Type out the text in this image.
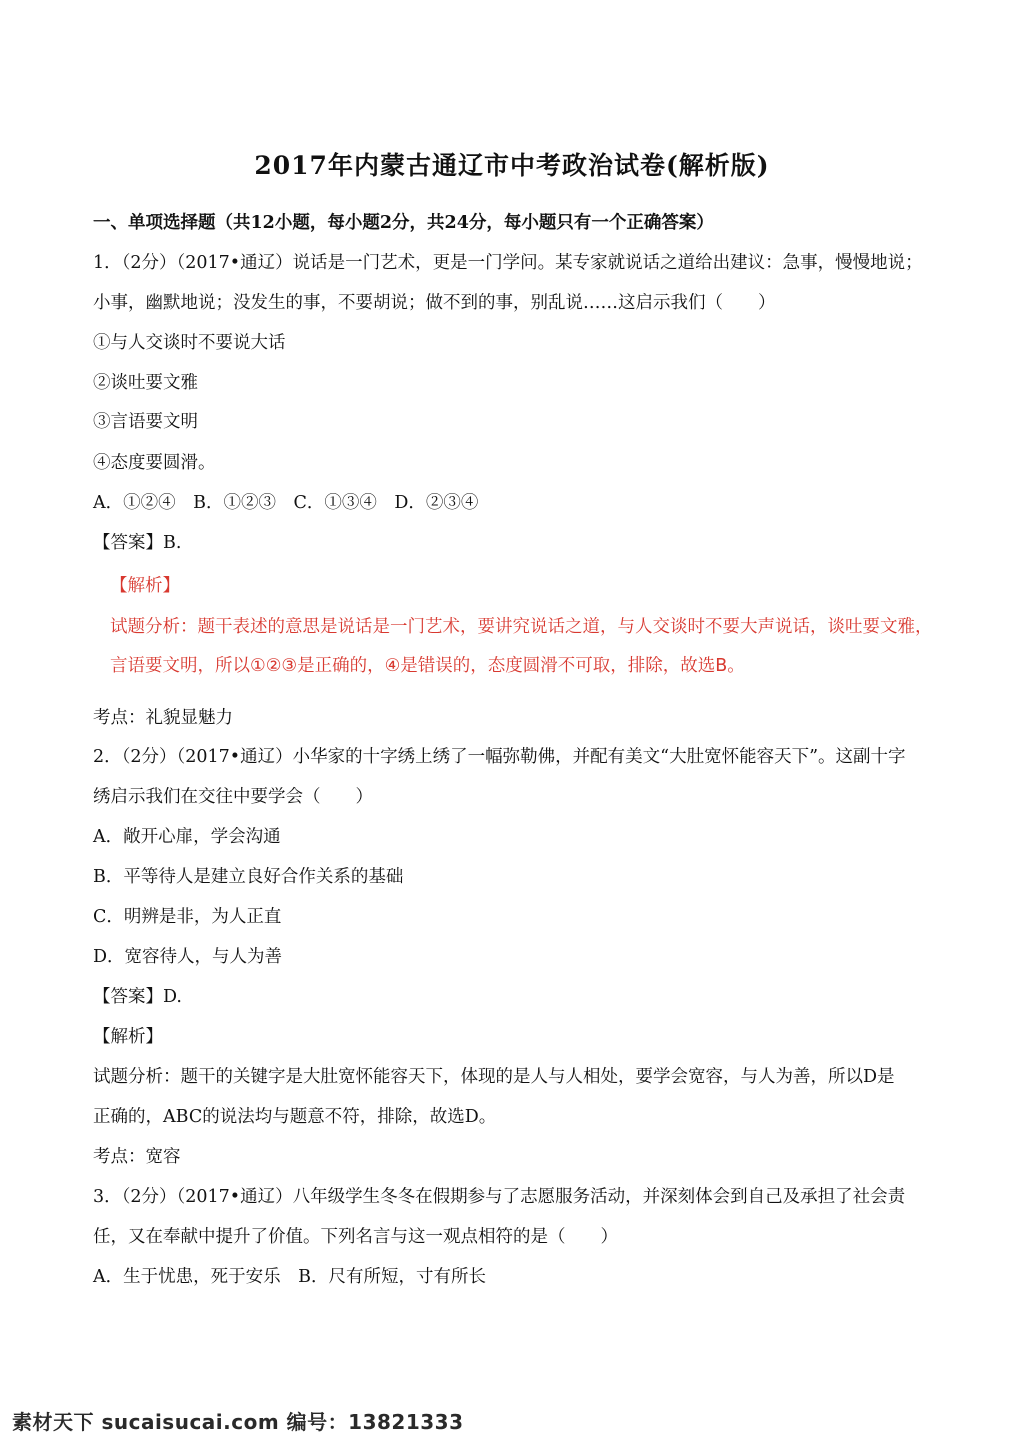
2017年内蒙古通辽市中考政治试卷(解析版)
一、单项选择题（共12小题，每小题2分，共24分，每小题只有一个正确答案）
1．（2分）（2017•通辽）说话是一门艺术，更是一门学问。某专家就说话之道给出建议：急事，慢慢地说；
小事，幽默地说；没发生的事，不要胡说；做不到的事，别乱说……这启示我们（　　）
①与人交谈时不要说大话
②谈吐要文雅
③言语要文明
④态度要圆滑。
A．①②④　B．①②③　C．①③④　D．②③④
【答案】B.
【解析】
试题分析：题干表述的意思是说话是一门艺术，要讲究说话之道，与人交谈时不要大声说话，谈吐要文雅，
言语要文明，所以①②③是正确的，④是错误的，态度圆滑不可取，排除，故选B。
考点：礼貌显魅力
2．（2分）（2017•通辽）小华家的十字绣上绣了一幅弥勒佛，并配有美文“大肚宽怀能容天下”。这副十字
绣启示我们在交往中要学会（　　）
A．敞开心扉，学会沟通
B．平等待人是建立良好合作关系的基础
C．明辨是非，为人正直
D．宽容待人，与人为善
【答案】D.
【解析】
试题分析：题干的关键字是大肚宽怀能容天下，体现的是人与人相处，要学会宽容，与人为善，所以D是
正确的，ABC的说法均与题意不符，排除，故选D。
考点：宽容
3．（2分）（2017•通辽）八年级学生冬冬在假期参与了志愿服务活动，并深刻体会到自己及承担了社会责
任，又在奉献中提升了价值。下列名言与这一观点相符的是（　　）
A．生于忧患，死于安乐　B．尺有所短，寸有所长
素材天下 sucaisucai.com 编号：13821333
